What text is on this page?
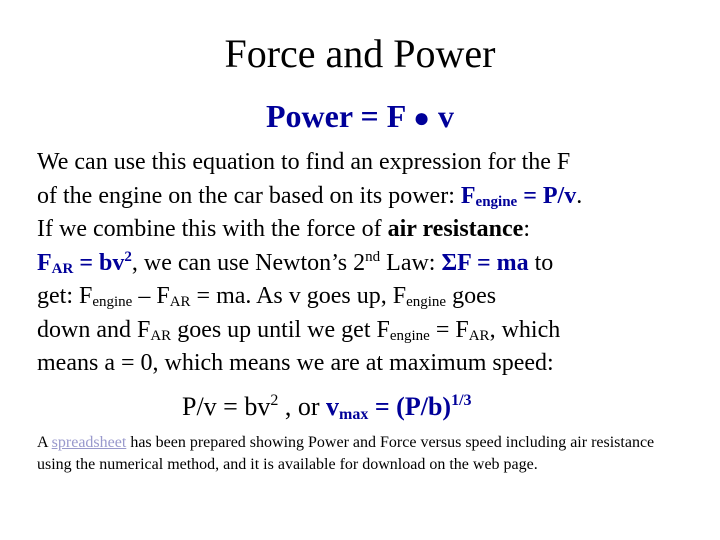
Force and Power
Power = F ● v
We can use this equation to find an expression for the F
of the engine on the car based on its power: $F_{engine} = P/v$.
If we combine this with the force of air resistance:
$F_{AR} = bv^2$, we can use Newton’s 2nd Law: ΣF = ma to
get: $F_{engine} - F_{AR}$ = ma. As v goes up, $F_{engine}$ goes
down and $F_{AR}$ goes up until we get $F_{engine} = F_{AR}$, which
means a = 0, which means we are at maximum speed:
$P/v = bv^2$ , or $v_{max} = (P/b)^{1/3}$
A spreadsheet has been prepared showing Power and Force versus speed including air resistance using the numerical method, and it is available for download on the web page.
